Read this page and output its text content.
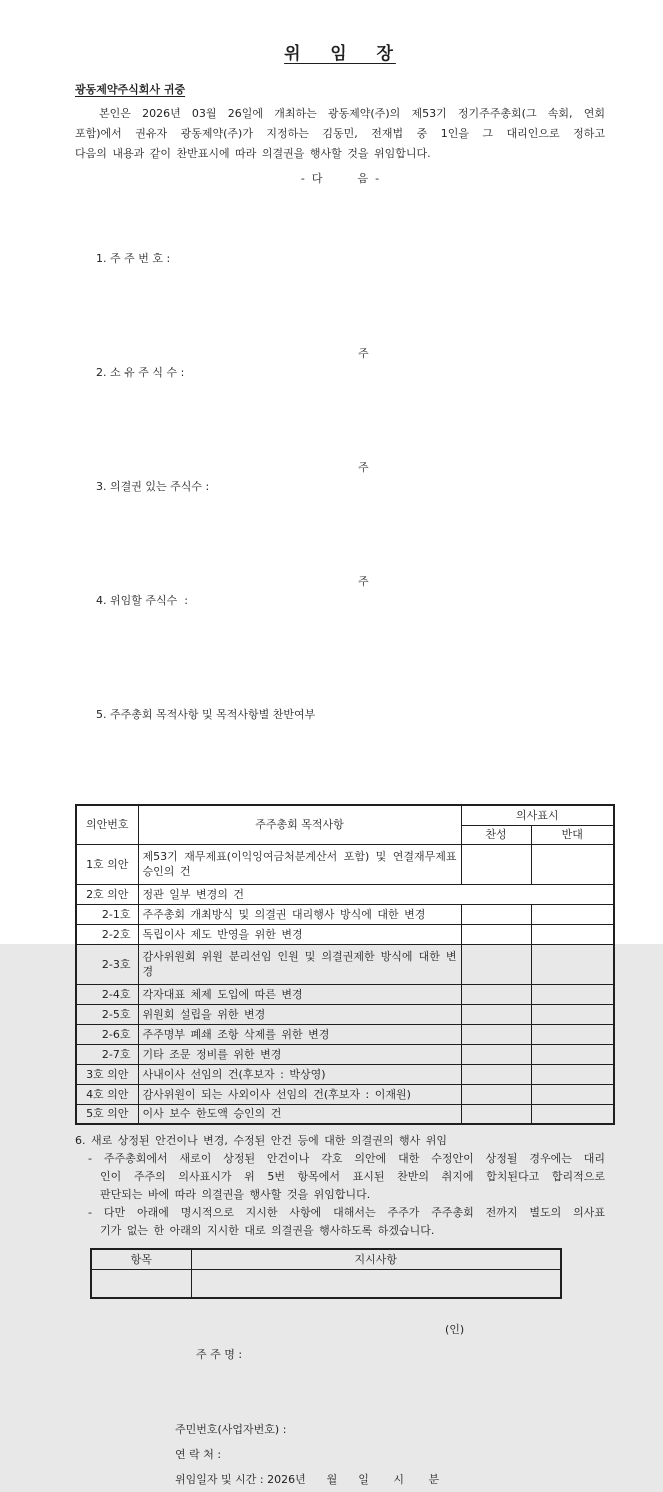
위   임   장
광동제약주식회사 귀중
본인은 2026년 03월 26일에 개최하는 광동제약(주)의 제53기 정기주주총회(그 속회, 연회
포함)에서 권유자 광동제약(주)가 지정하는 김동민, 전재법 중 1인을 그 대리인으로 정하고
다음의 내용과 같이 찬반표시에 따라 의결권을 행사할 것을 위임합니다.
-  다          음  -

1. 주 주 번 호 :

2. 소 유 주 식 수 :

주

3. 의결권 있는 주식수 :

주

4. 위임할 주식수  :

주

5. 주주총회 목적사항 및 목적사항별 찬반여부

의안번호	주주총회 목적사항	의사표시	
		찬성	반대
1호 의안	제53기 재무제표(이익잉여금처분계산서 포함) 및 연결재무제표 승인의 건		
2호 의안	정관 일부 변경의 건		
2-1호	주주총회 개최방식 및 의결권 대리행사 방식에 대한 변경		
2-2호	독립이사 제도 반영을 위한 변경		
2-3호	감사위원회 위원 분리선임 인원 및 의결권제한 방식에 대한 변경		
2-4호	각자대표 체제 도입에 따른 변경		
2-5호	위원회 설립을 위한 변경		
2-6호	주주명부 폐쇄 조항 삭제를 위한 변경		
2-7호	기타 조문 정비를 위한 변경		
3호 의안	사내이사 선임의 건(후보자 : 박상영)		
4호 의안	감사위원이 되는 사외이사 선임의 건(후보자 : 이재원)		
5호 의안	이사 보수 한도액 승인의 건		
6. 새로 상정된 안건이나 변경, 수정된 안건 등에 대한 의결권의 행사 위임
- 주주총회에서 새로이 상정된 안건이나 각호 의안에 대한 수정안이 상정될 경우에는 대리
인이 주주의 의사표시가 위 5번 항목에서 표시된 찬반의 취지에 합치된다고 합리적으로
판단되는 바에 따라 의결권을 행사할 것을 위임합니다.
- 다만 아래에 명시적으로 지시한 사항에 대해서는 주주가 주주총회 전까지 별도의 의사표
기가 없는 한 아래의 지시한 대로 의결권을 행사하도록 하겠습니다.
항목	지시사항

주 주 명 :

(인)

주민번호(사업자번호) :
연 락 처 :
위임일자 및 시간 : 2026년      월      일       시       분
